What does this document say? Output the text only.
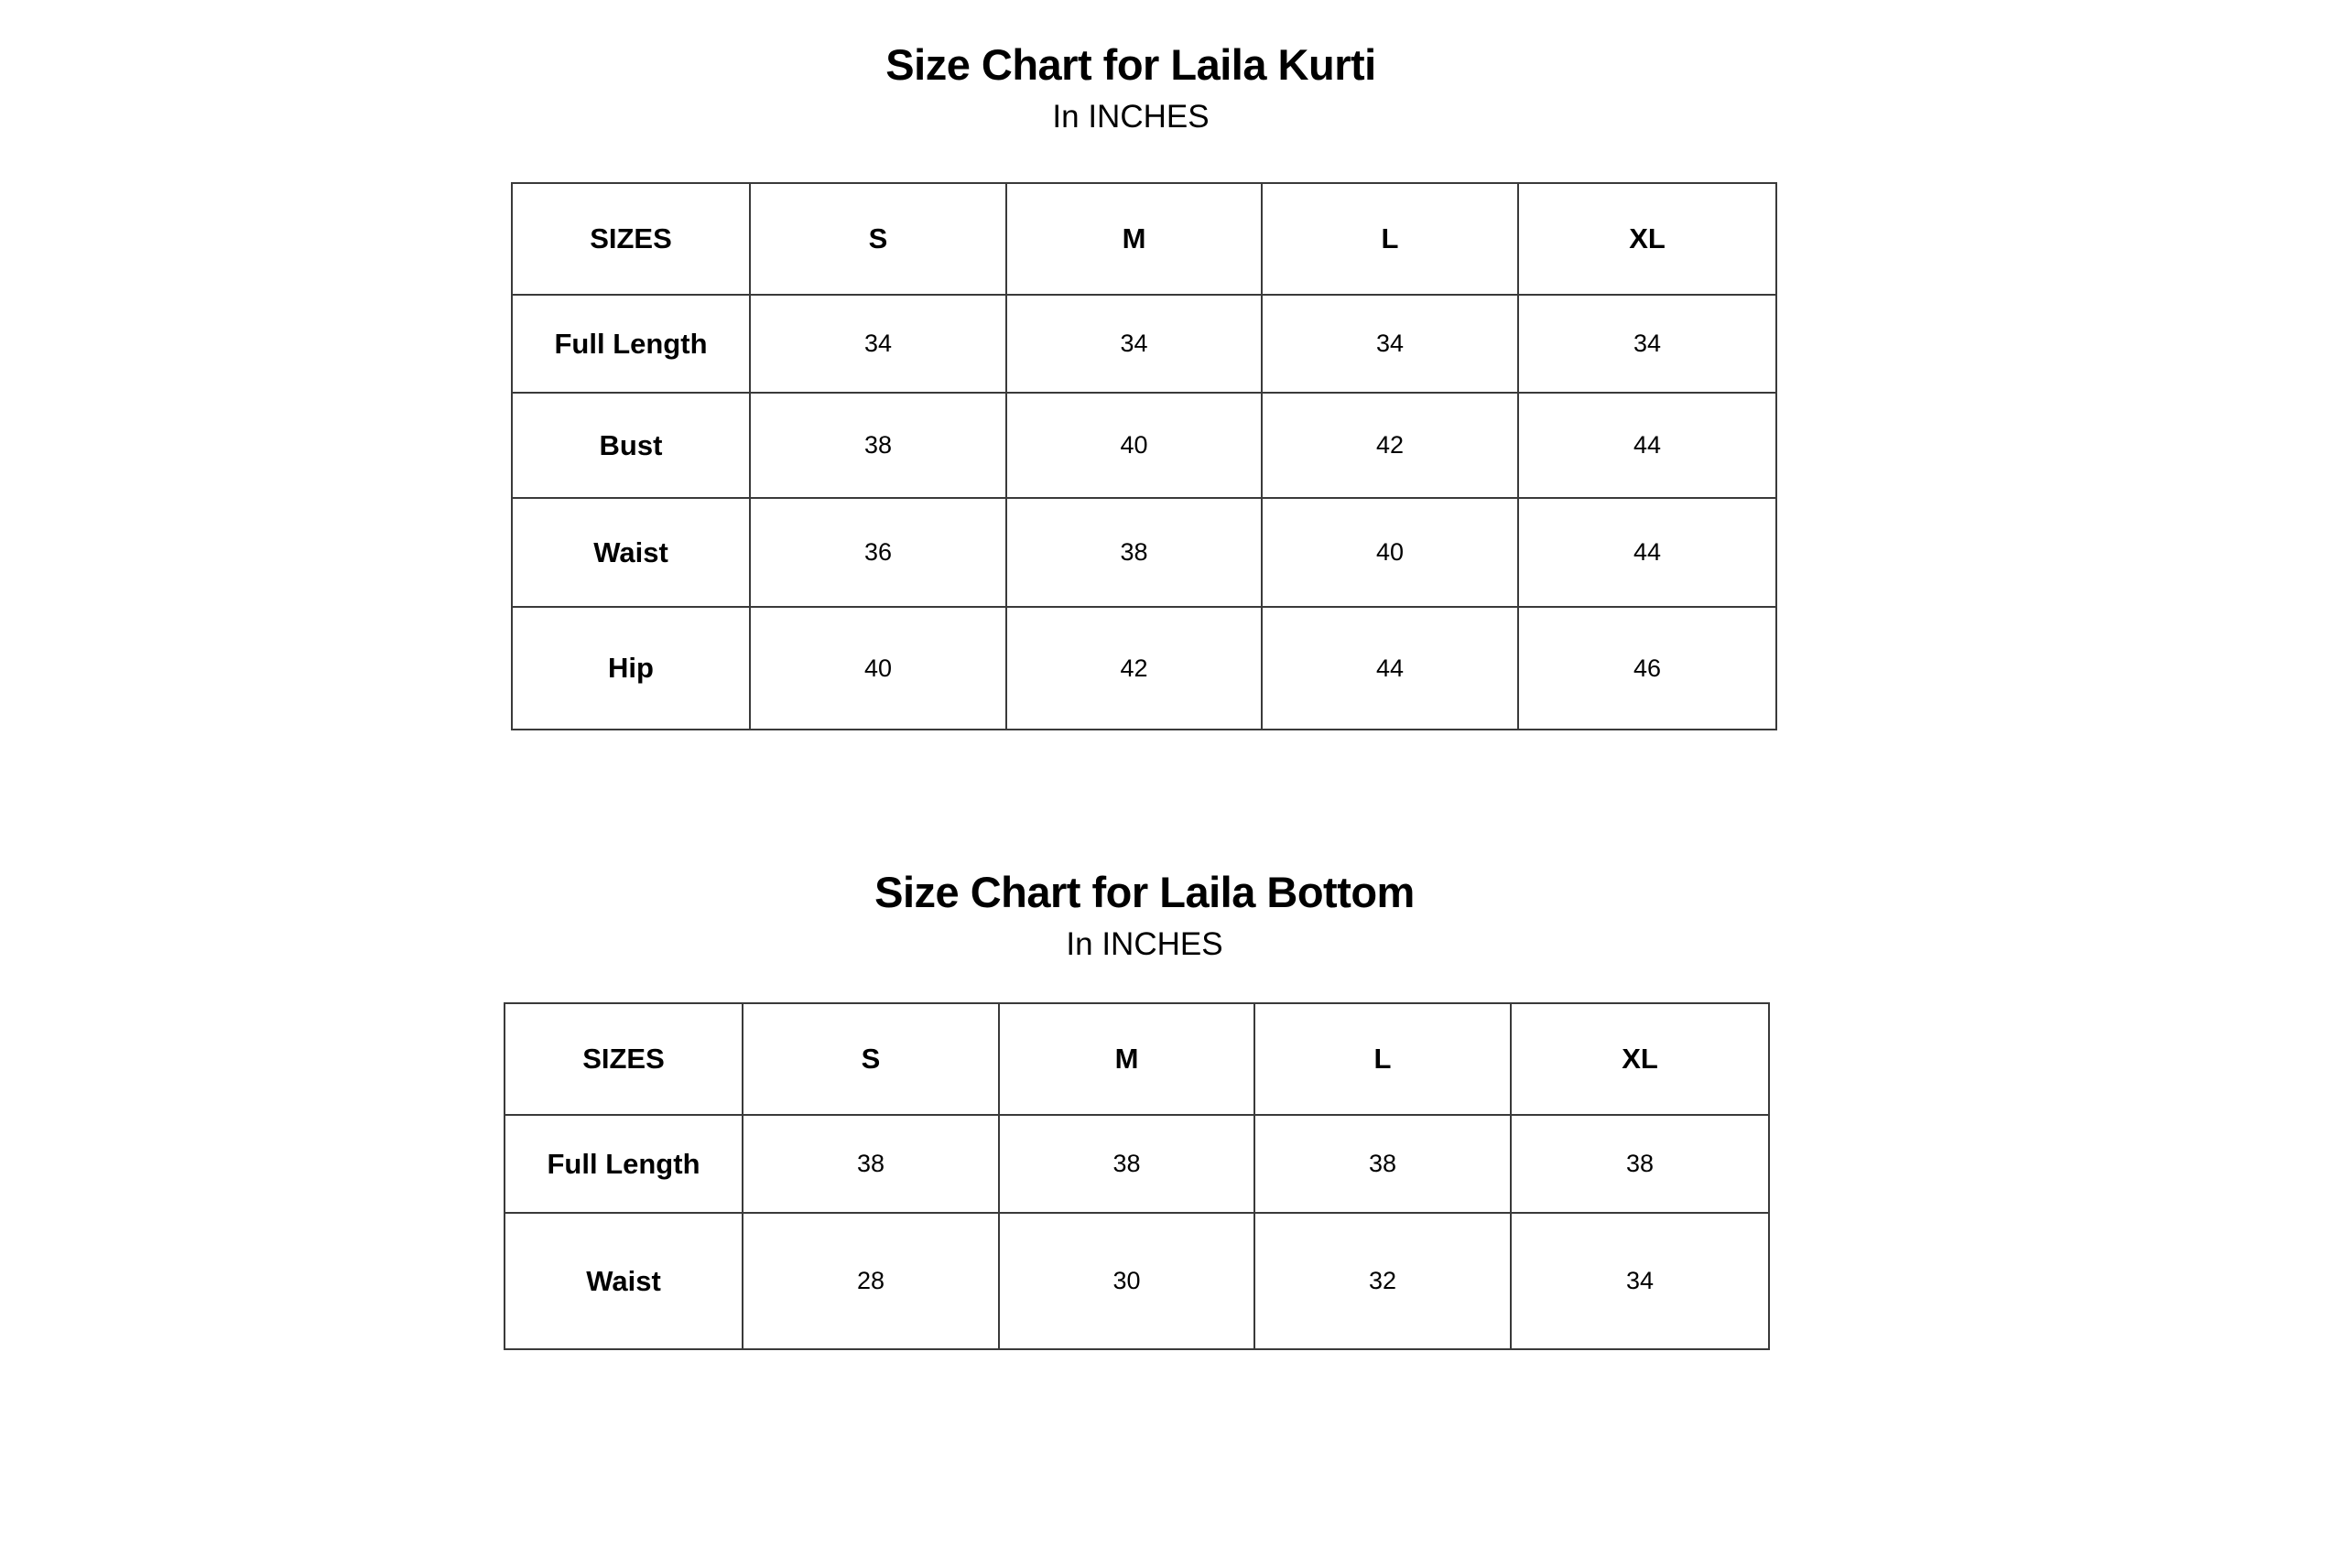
Size Chart for Laila Kurti
In INCHES
SIZES	S	M	L	XL
Full Length	34	34	34	34
Bust	38	40	42	44
Waist	36	38	40	44
Hip	40	42	44	46
Size Chart for Laila Bottom
In INCHES
SIZES	S	M	L	XL
Full Length	38	38	38	38
Waist	28	30	32	34
